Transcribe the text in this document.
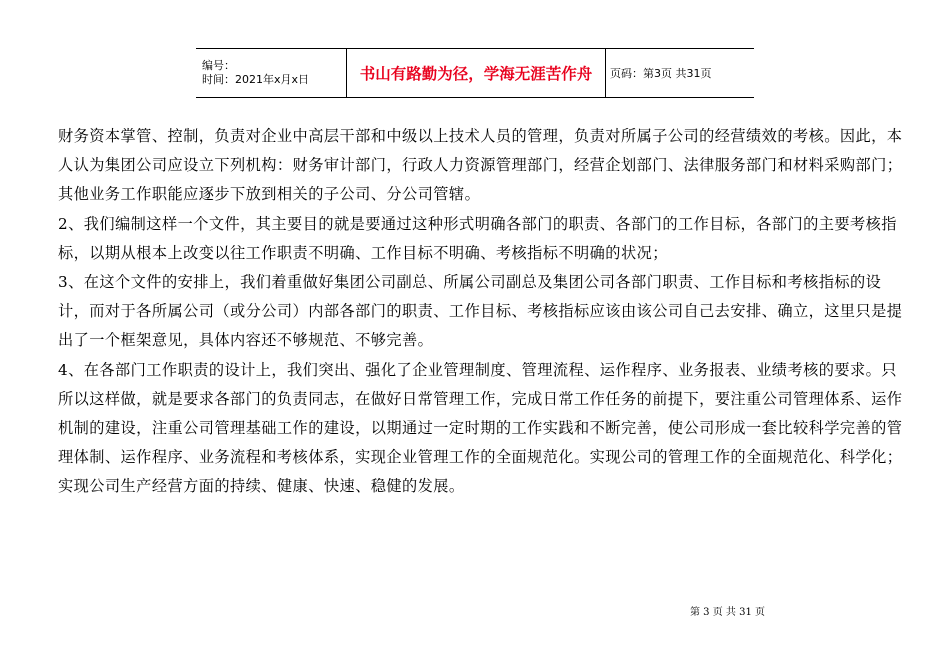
编号：
时间：2021年x月x日	书山有路勤为径，学海无涯苦作舟	页码：第3页 共31页

财务资本掌管、控制，负责对企业中高层干部和中级以上技术人员的管理，负责对所属子公司的经营绩效的考核。因此，本人认为集团公司应设立下列机构：财务审计部门，行政人力资源管理部门，经营企划部门、法律服务部门和材料采购部门；其他业务工作职能应逐步下放到相关的子公司、分公司管辖。

2、我们编制这样一个文件，其主要目的就是要通过这种形式明确各部门的职责、各部门的工作目标，各部门的主要考核指标，以期从根本上改变以往工作职责不明确、工作目标不明确、考核指标不明确的状况；

3、在这个文件的安排上，我们着重做好集团公司副总、所属公司副总及集团公司各部门职责、工作目标和考核指标的设计，而对于各所属公司（或分公司）内部各部门的职责、工作目标、考核指标应该由该公司自己去安排、确立，这里只是提出了一个框架意见，具体内容还不够规范、不够完善。

4、在各部门工作职责的设计上，我们突出、强化了企业管理制度、管理流程、运作程序、业务报表、业绩考核的要求。只所以这样做，就是要求各部门的负责同志，在做好日常管理工作，完成日常工作任务的前提下，要注重公司管理体系、运作机制的建设，注重公司管理基础工作的建设，以期通过一定时期的工作实践和不断完善，使公司形成一套比较科学完善的管理体制、运作程序、业务流程和考核体系，实现企业管理工作的全面规范化。实现公司的管理工作的全面规范化、科学化；实现公司生产经营方面的持续、健康、快速、稳健的发展。

第 3 页 共 31 页
